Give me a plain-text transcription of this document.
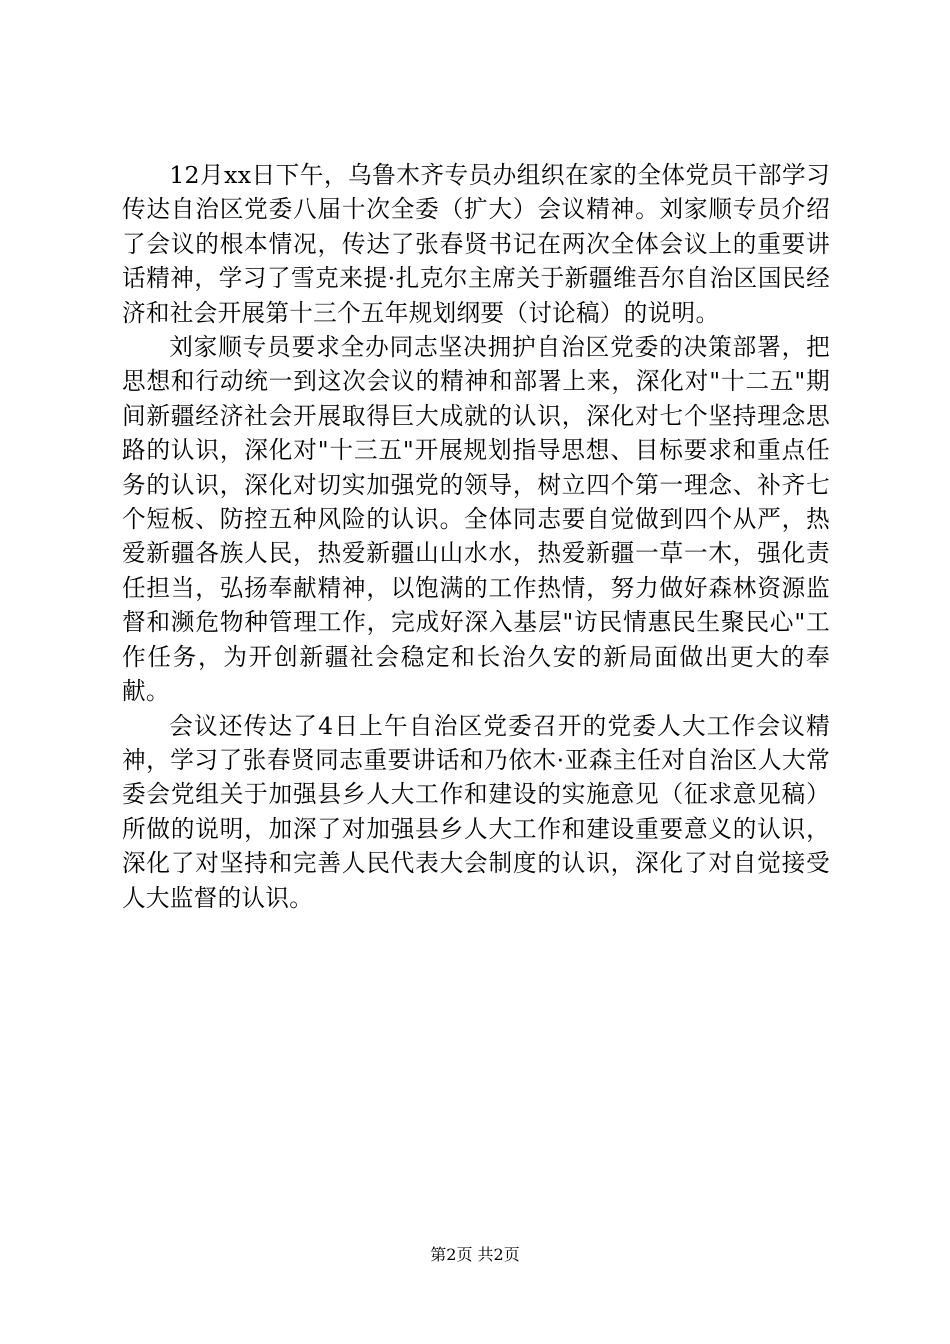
12月xx日下午，乌鲁木齐专员办组织在家的全体党员干部学习传达自治区党委八届十次全委（扩大）会议精神。刘家顺专员介绍了会议的根本情况，传达了张春贤书记在两次全体会议上的重要讲话精神，学习了雪克来提·扎克尔主席关于新疆维吾尔自治区国民经济和社会开展第十三个五年规划纲要（讨论稿）的说明。

刘家顺专员要求全办同志坚决拥护自治区党委的决策部署，把思想和行动统一到这次会议的精神和部署上来，深化对"十二五"期间新疆经济社会开展取得巨大成就的认识，深化对七个坚持理念思路的认识，深化对"十三五"开展规划指导思想、目标要求和重点任务的认识，深化对切实加强党的领导，树立四个第一理念、补齐七个短板、防控五种风险的认识。全体同志要自觉做到四个从严，热爱新疆各族人民，热爱新疆山山水水，热爱新疆一草一木，强化责任担当，弘扬奉献精神，以饱满的工作热情，努力做好森林资源监督和濒危物种管理工作，完成好深入基层"访民情惠民生聚民心"工作任务，为开创新疆社会稳定和长治久安的新局面做出更大的奉献。

会议还传达了4日上午自治区党委召开的党委人大工作会议精神，学习了张春贤同志重要讲话和乃依木·亚森主任对自治区人大常委会党组关于加强县乡人大工作和建设的实施意见（征求意见稿）所做的说明，加深了对加强县乡人大工作和建设重要意义的认识，深化了对坚持和完善人民代表大会制度的认识，深化了对自觉接受人大监督的认识。

第2页 共2页
